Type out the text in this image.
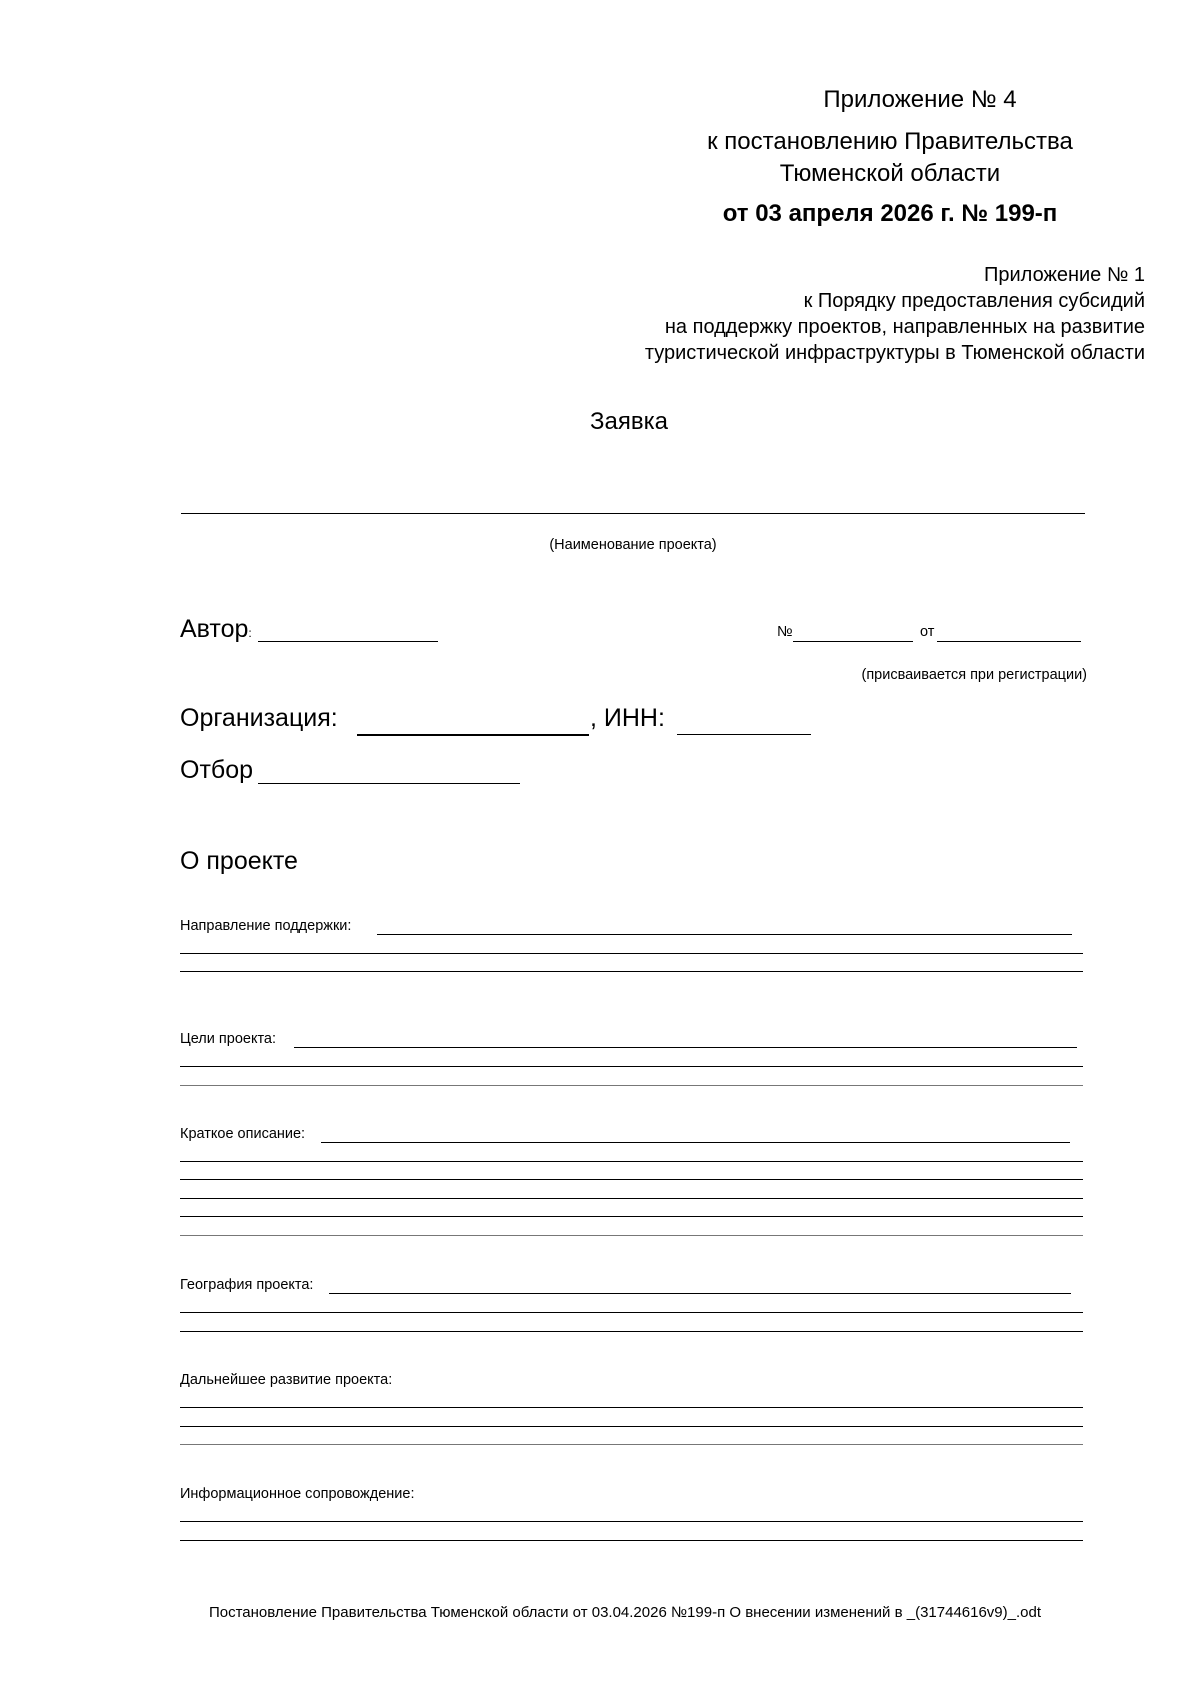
Приложение № 4
к постановлению Правительства
Тюменской области
от 03 апреля 2026 г. № 199-п
Приложение № 1
к Порядку предоставления субсидий
на поддержку проектов, направленных на развитие
туристической инфраструктуры в Тюменской области
Заявка
(Наименование проекта)
Автор:	№	от
(присваивается при регистрации)
Организация:	, ИНН:
Отбор
О проекте
Направление поддержки:
Цели проекта:
Краткое описание:
География проекта:
Дальнейшее развитие проекта:
Информационное сопровождение:
Постановление Правительства Тюменской области от 03.04.2026 №199-п О внесении изменений в _(31744616v9)_.odt
